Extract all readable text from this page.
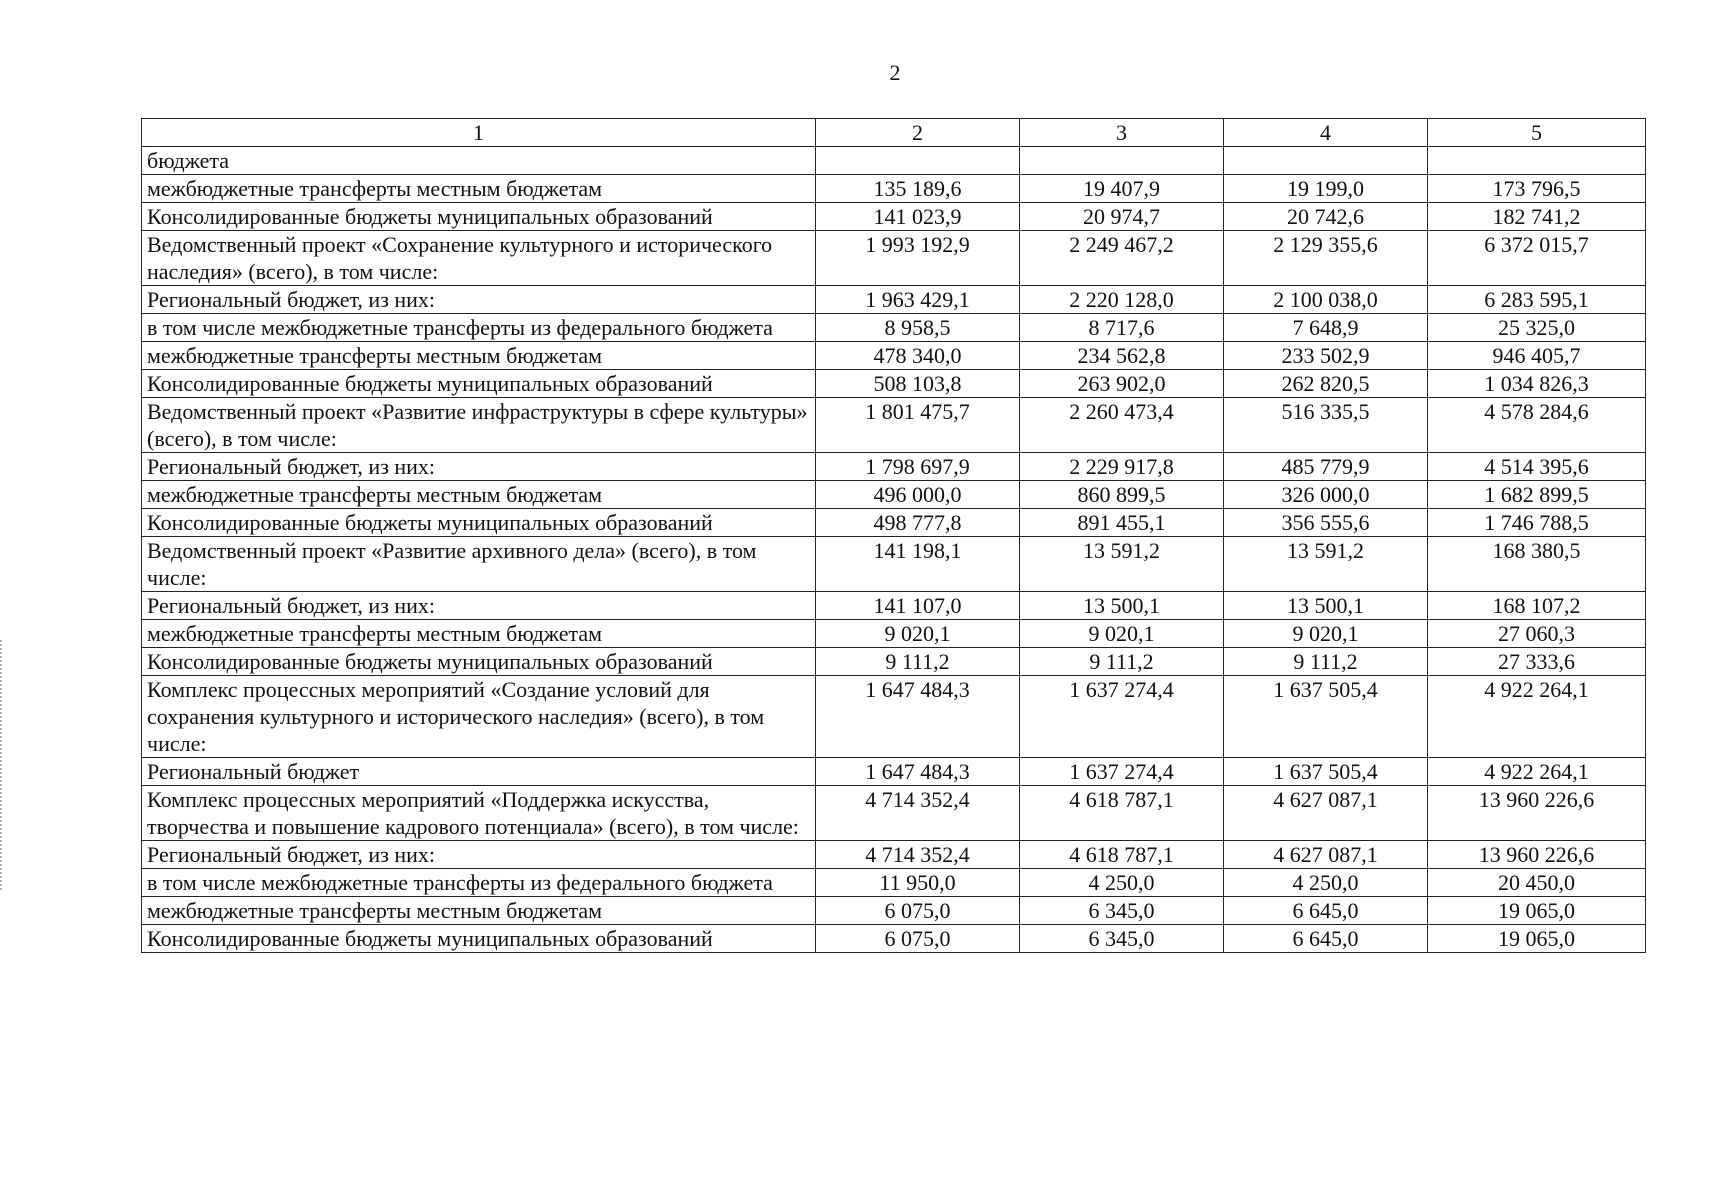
2
1	2	3	4	5
бюджета				
межбюджетные трансферты местным бюджетам	135 189,6	19 407,9	19 199,0	173 796,5
Консолидированные бюджеты муниципальных образований	141 023,9	20 974,7	20 742,6	182 741,2
Ведомственный проект «Сохранение культурного и исторического наследия» (всего), в том числе:	1 993 192,9	2 249 467,2	2 129 355,6	6 372 015,7
Региональный бюджет, из них:	1 963 429,1	2 220 128,0	2 100 038,0	6 283 595,1
в том числе межбюджетные трансферты из федерального бюджета	8 958,5	8 717,6	7 648,9	25 325,0
межбюджетные трансферты местным бюджетам	478 340,0	234 562,8	233 502,9	946 405,7
Консолидированные бюджеты муниципальных образований	508 103,8	263 902,0	262 820,5	1 034 826,3
Ведомственный проект «Развитие инфраструктуры в сфере культуры» (всего), в том числе:	1 801 475,7	2 260 473,4	516 335,5	4 578 284,6
Региональный бюджет, из них:	1 798 697,9	2 229 917,8	485 779,9	4 514 395,6
межбюджетные трансферты местным бюджетам	496 000,0	860 899,5	326 000,0	1 682 899,5
Консолидированные бюджеты муниципальных образований	498 777,8	891 455,1	356 555,6	1 746 788,5
Ведомственный проект «Развитие архивного дела» (всего), в том числе:	141 198,1	13 591,2	13 591,2	168 380,5
Региональный бюджет, из них:	141 107,0	13 500,1	13 500,1	168 107,2
межбюджетные трансферты местным бюджетам	9 020,1	9 020,1	9 020,1	27 060,3
Консолидированные бюджеты муниципальных образований	9 111,2	9 111,2	9 111,2	27 333,6
Комплекс процессных мероприятий «Создание условий для сохранения культурного и исторического наследия» (всего), в том числе:	1 647 484,3	1 637 274,4	1 637 505,4	4 922 264,1
Региональный бюджет	1 647 484,3	1 637 274,4	1 637 505,4	4 922 264,1
Комплекс процессных мероприятий «Поддержка искусства, творчества и повышение кадрового потенциала» (всего), в том числе:	4 714 352,4	4 618 787,1	4 627 087,1	13 960 226,6
Региональный бюджет, из них:	4 714 352,4	4 618 787,1	4 627 087,1	13 960 226,6
в том числе межбюджетные трансферты из федерального бюджета	11 950,0	4 250,0	4 250,0	20 450,0
межбюджетные трансферты местным бюджетам	6 075,0	6 345,0	6 645,0	19 065,0
Консолидированные бюджеты муниципальных образований	6 075,0	6 345,0	6 645,0	19 065,0
